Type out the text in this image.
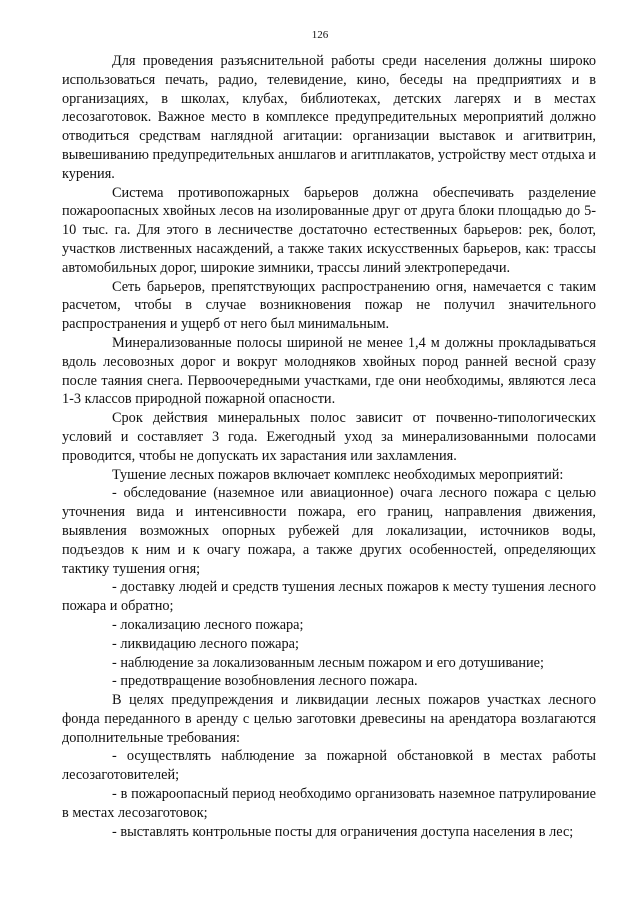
126

Для проведения разъяснительной работы среди населения должны широко использоваться печать, радио, телевидение, кино, беседы на предприятиях и в организациях, в школах, клубах, библиотеках, детских лагерях и в местах лесозаготовок. Важное место в комплексе предупредительных мероприятий должно отводиться средствам наглядной агитации: организации выставок и агитвитрин, вывешиванию предупредительных аншлагов и агитплакатов, устройству мест отдыха и курения.

Система противопожарных барьеров должна обеспечивать разделение пожароопасных хвойных лесов на изолированные друг от друга блоки площадью до 5-10 тыс. га. Для этого в лесничестве достаточно естественных барьеров: рек, болот, участков лиственных насаждений, а также таких искусственных барьеров, как: трассы автомобильных дорог, широкие зимники, трассы линий электропередачи.

Сеть барьеров, препятствующих распространению огня, намечается с таким расчетом, чтобы в случае возникновения пожар не получил значительного распространения и ущерб от него был минимальным.

Минерализованные полосы шириной не менее 1,4 м должны прокладываться вдоль лесовозных дорог и вокруг молодняков хвойных пород ранней весной сразу после таяния снега. Первоочередными участками, где они необходимы, являются леса 1-3 классов природной пожарной опасности.

Срок действия минеральных полос зависит от почвенно-типологических условий и составляет 3 года. Ежегодный уход за минерализованными полосами проводится, чтобы не допускать их зарастания или захламления.

Тушение лесных пожаров включает комплекс необходимых мероприятий:

- обследование (наземное или авиационное) очага лесного пожара с целью уточнения вида и интенсивности пожара, его границ, направления движения, выявления возможных опорных рубежей для локализации, источников воды, подъездов к ним и к очагу пожара, а также других особенностей, определяющих тактику тушения огня;

- доставку людей и средств тушения лесных пожаров к месту тушения лесного пожара и обратно;

- локализацию лесного пожара;

- ликвидацию лесного пожара;

- наблюдение за локализованным лесным пожаром и его дотушивание;

- предотвращение возобновления лесного пожара.

В целях предупреждения и ликвидации лесных пожаров участках лесного фонда переданного в аренду с целью заготовки древесины на арендатора возлагаются дополнительные требования:

- осуществлять наблюдение за пожарной обстановкой в местах работы лесозаготовителей;

- в пожароопасный период необходимо организовать наземное патрулирование в местах лесозаготовок;

- выставлять контрольные посты для ограничения доступа населения в лес;
